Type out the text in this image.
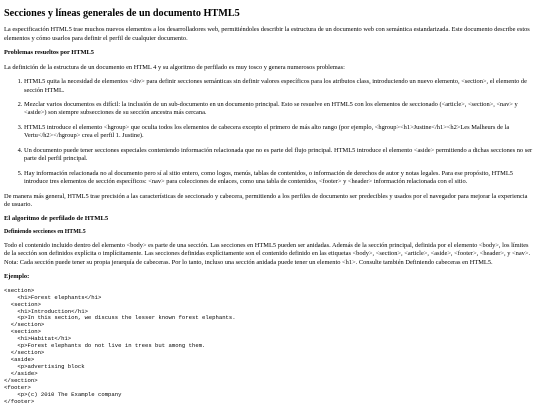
Secciones y líneas generales de un documento HTML5

La especificación HTML5 trae muchos nuevos elementos a los desarrolladores web, permitiéndoles describir la estructura de un documento web con semántica estandarizada. Este documento describe estos elementos y cómo usarlos para definir el perfil de cualquier documento.

Problemas resueltos por HTML5

La definición de la estructura de un documento en HTML 4 y su algoritmo de perfilado es muy tosco y genera numerosos problemas:

1. HTML5 quita la necesidad de elementos <div> para definir secciones semánticas sin definir valores específicos para los atributos class, introduciendo un nuevo elemento, <section>, el elemento de sección HTML.
2. Mezclar varios documentos es difícil: la inclusión de un sub-documento en un documento principal. Esto se resuelve en HTML5 con los elementos de seccionado (<article>, <section>, <nav> y <aside>) son siempre subsecciones de su sección ancestra más cercana.
3. HTML5 introduce el elemento <hgroup> que oculta todos los elementos de cabecera excepto el primero de más alto rango (por ejemplo, <hgroup><h1>Justine</h1><h2>Les Malheurs de la Vertu</h2></hgroup> crea el perfil 1. Justine).
4. Un documento puede tener secciones especiales conteniendo información relacionada que no es parte del flujo principal. HTML5 introduce el elemento <aside> permitiendo a dichas secciones no ser parte del perfil principal.
5. Hay información relacionada no al documento pero sí al sitio entero, como logos, menús, tablas de contenidos, o información de derechos de autor y notas legales. Para ese propósito, HTML5 introduce tres elementos de sección específicos: <nav> para colecciones de enlaces, como una tabla de contenidos, <footer> y <header> información relacionada con el sitio.

De manera más general, HTML5 trae precisión a las características de seccionado y cabecera, permitiendo a los perfiles de documento ser predecibles y usados por el navegador para mejorar la experiencia de usuario.

El algoritmo de perfilado de HTML5
Definiendo secciones en HTML5

Todo el contenido incluido dentro del elemento <body> es parte de una sección. Las secciones en HTML5 pueden ser anidadas. Además de la sección principal, definida por el elemento <body>, los límites de la sección son definidos explícita o implícitamente. Las secciones definidas explícitamente son el contenido definido en las etiquetas <body>, <section>, <article>, <aside>, <footer>, <header>, y <nav>. Nota: Cada sección puede tener su propia jerarquía de cabeceras. Por lo tanto, incluso una sección anidada puede tener un elemento <h1>. Consulte también Definiendo cabeceras en HTML5.

Ejemplo:

<section>
<h1>Forest elephants</h1>
<section>
<h1>Introduction</h1>
<p>In this section, we discuss the lesser known forest elephants.
</section>
<section>
<h1>Habitat</h1>
<p>Forest elephants do not live in trees but among them.
</section>
<aside>
<p>advertising block
</aside>
</section>
<footer>
<p>(c) 2010 The Example company
</footer>
